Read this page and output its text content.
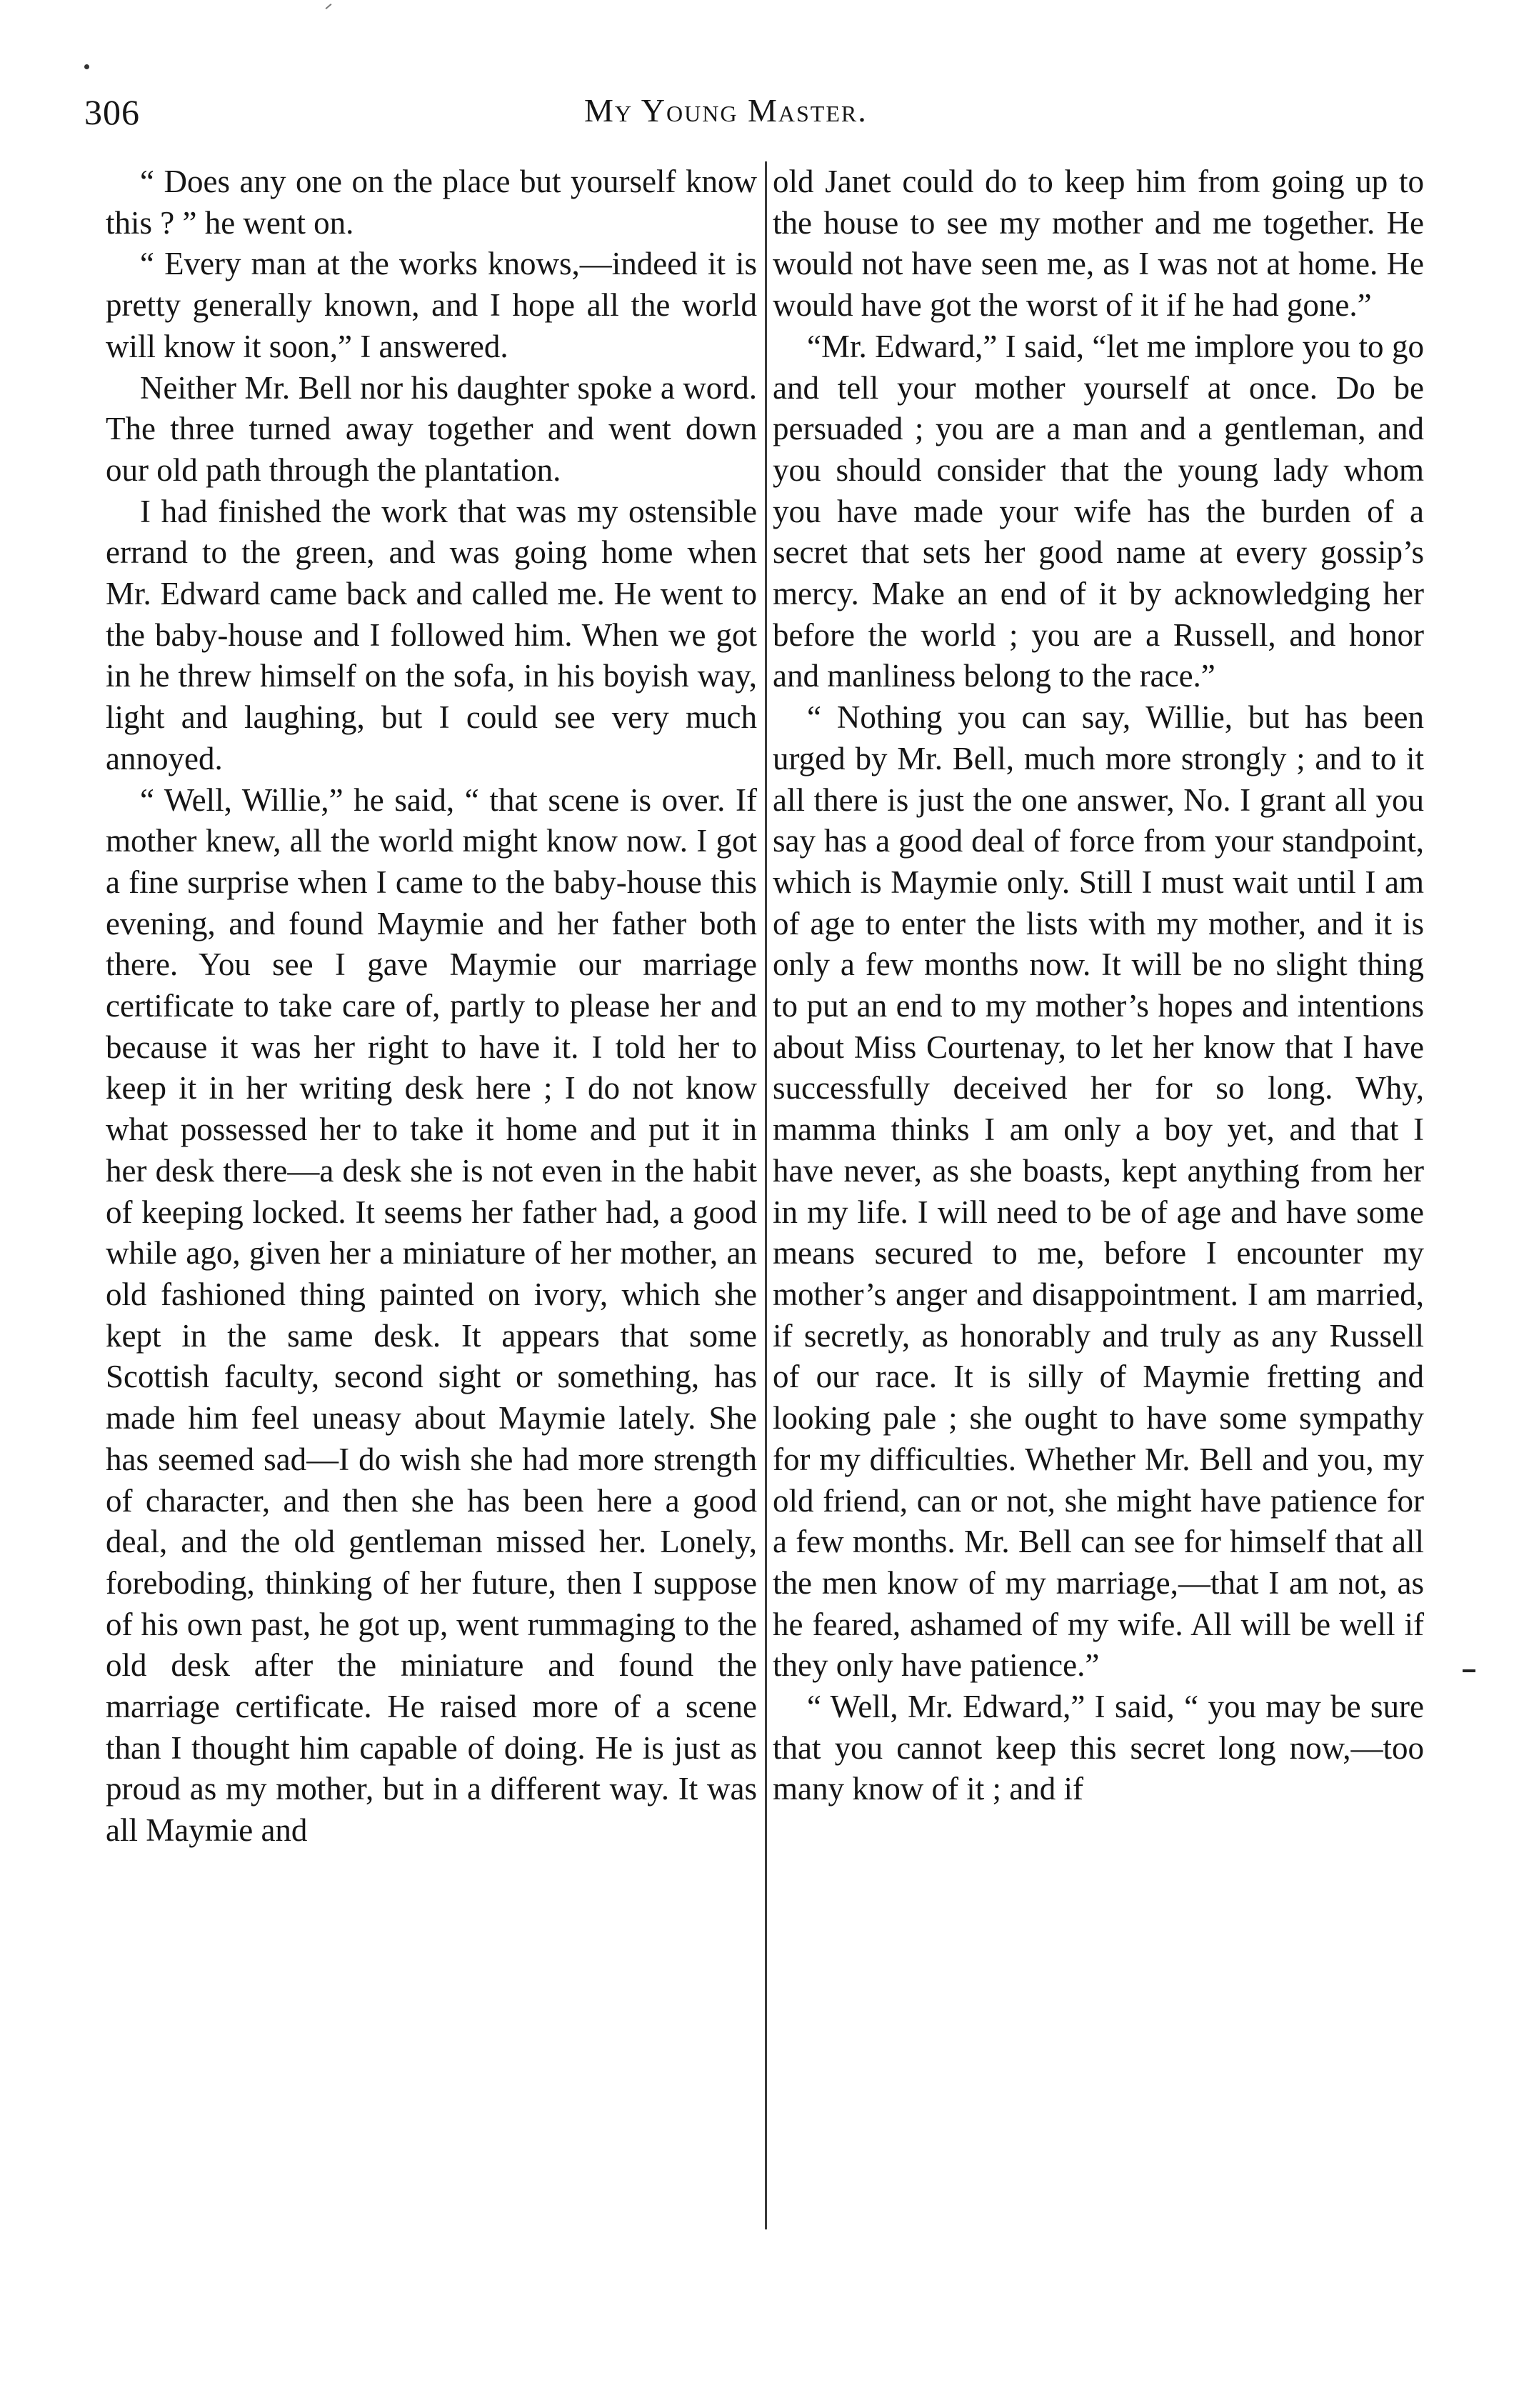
306	My Young Master.

“ Does any one on the place but yourself know this ? ” he went on.

“ Every man at the works knows,—indeed it is pretty generally known, and I hope all the world will know it soon,” I answered.

Neither Mr. Bell nor his daughter spoke a word. The three turned away together and went down our old path through the plantation.

I had finished the work that was my ostensible errand to the green, and was going home when Mr. Edward came back and called me. He went to the baby-house and I followed him. When we got in he threw himself on the sofa, in his boyish way, light and laughing, but I could see very much annoyed.

“ Well, Willie,” he said, “ that scene is over. If mother knew, all the world might know now. I got a fine surprise when I came to the baby-house this evening, and found Maymie and her father both there. You see I gave Maymie our marriage certificate to take care of, partly to please her and because it was her right to have it. I told her to keep it in her writing desk here ; I do not know what possessed her to take it home and put it in her desk there—a desk she is not even in the habit of keeping locked. It seems her father had, a good while ago, given her a miniature of her mother, an old fashioned thing painted on ivory, which she kept in the same desk. It appears that some Scottish faculty, second sight or something, has made him feel uneasy about Maymie lately. She has seemed sad—I do wish she had more strength of character, and then she has been here a good deal, and the old gentleman missed her. Lonely, foreboding, thinking of her future, then I suppose of his own past, he got up, went rummaging to the old desk after the miniature and found the marriage certificate. He raised more of a scene than I thought him capable of doing. He is just as proud as my mother, but in a different way. It was all Maymie and

old Janet could do to keep him from going up to the house to see my mother and me together. He would not have seen me, as I was not at home. He would have got the worst of it if he had gone.”

“Mr. Edward,” I said, “let me implore you to go and tell your mother yourself at once. Do be persuaded ; you are a man and a gentleman, and you should consider that the young lady whom you have made your wife has the burden of a secret that sets her good name at every gossip’s mercy. Make an end of it by acknowledging her before the world ; you are a Russell, and honor and manliness belong to the race.”

“ Nothing you can say, Willie, but has been urged by Mr. Bell, much more strongly ; and to it all there is just the one answer, No. I grant all you say has a good deal of force from your standpoint, which is Maymie only. Still I must wait until I am of age to enter the lists with my mother, and it is only a few months now. It will be no slight thing to put an end to my mother’s hopes and intentions about Miss Courtenay, to let her know that I have successfully deceived her for so long. Why, mamma thinks I am only a boy yet, and that I have never, as she boasts, kept anything from her in my life. I will need to be of age and have some means secured to me, before I encounter my mother’s anger and disappointment. I am married, if secretly, as honorably and truly as any Russell of our race. It is silly of Maymie fretting and looking pale ; she ought to have some sympathy for my difficulties. Whether Mr. Bell and you, my old friend, can or not, she might have patience for a few months. Mr. Bell can see for himself that all the men know of my marriage,—that I am not, as he feared, ashamed of my wife. All will be well if they only have patience.”

“ Well, Mr. Edward,” I said, “ you may be sure that you cannot keep this secret long now,—too many know of it ; and if
